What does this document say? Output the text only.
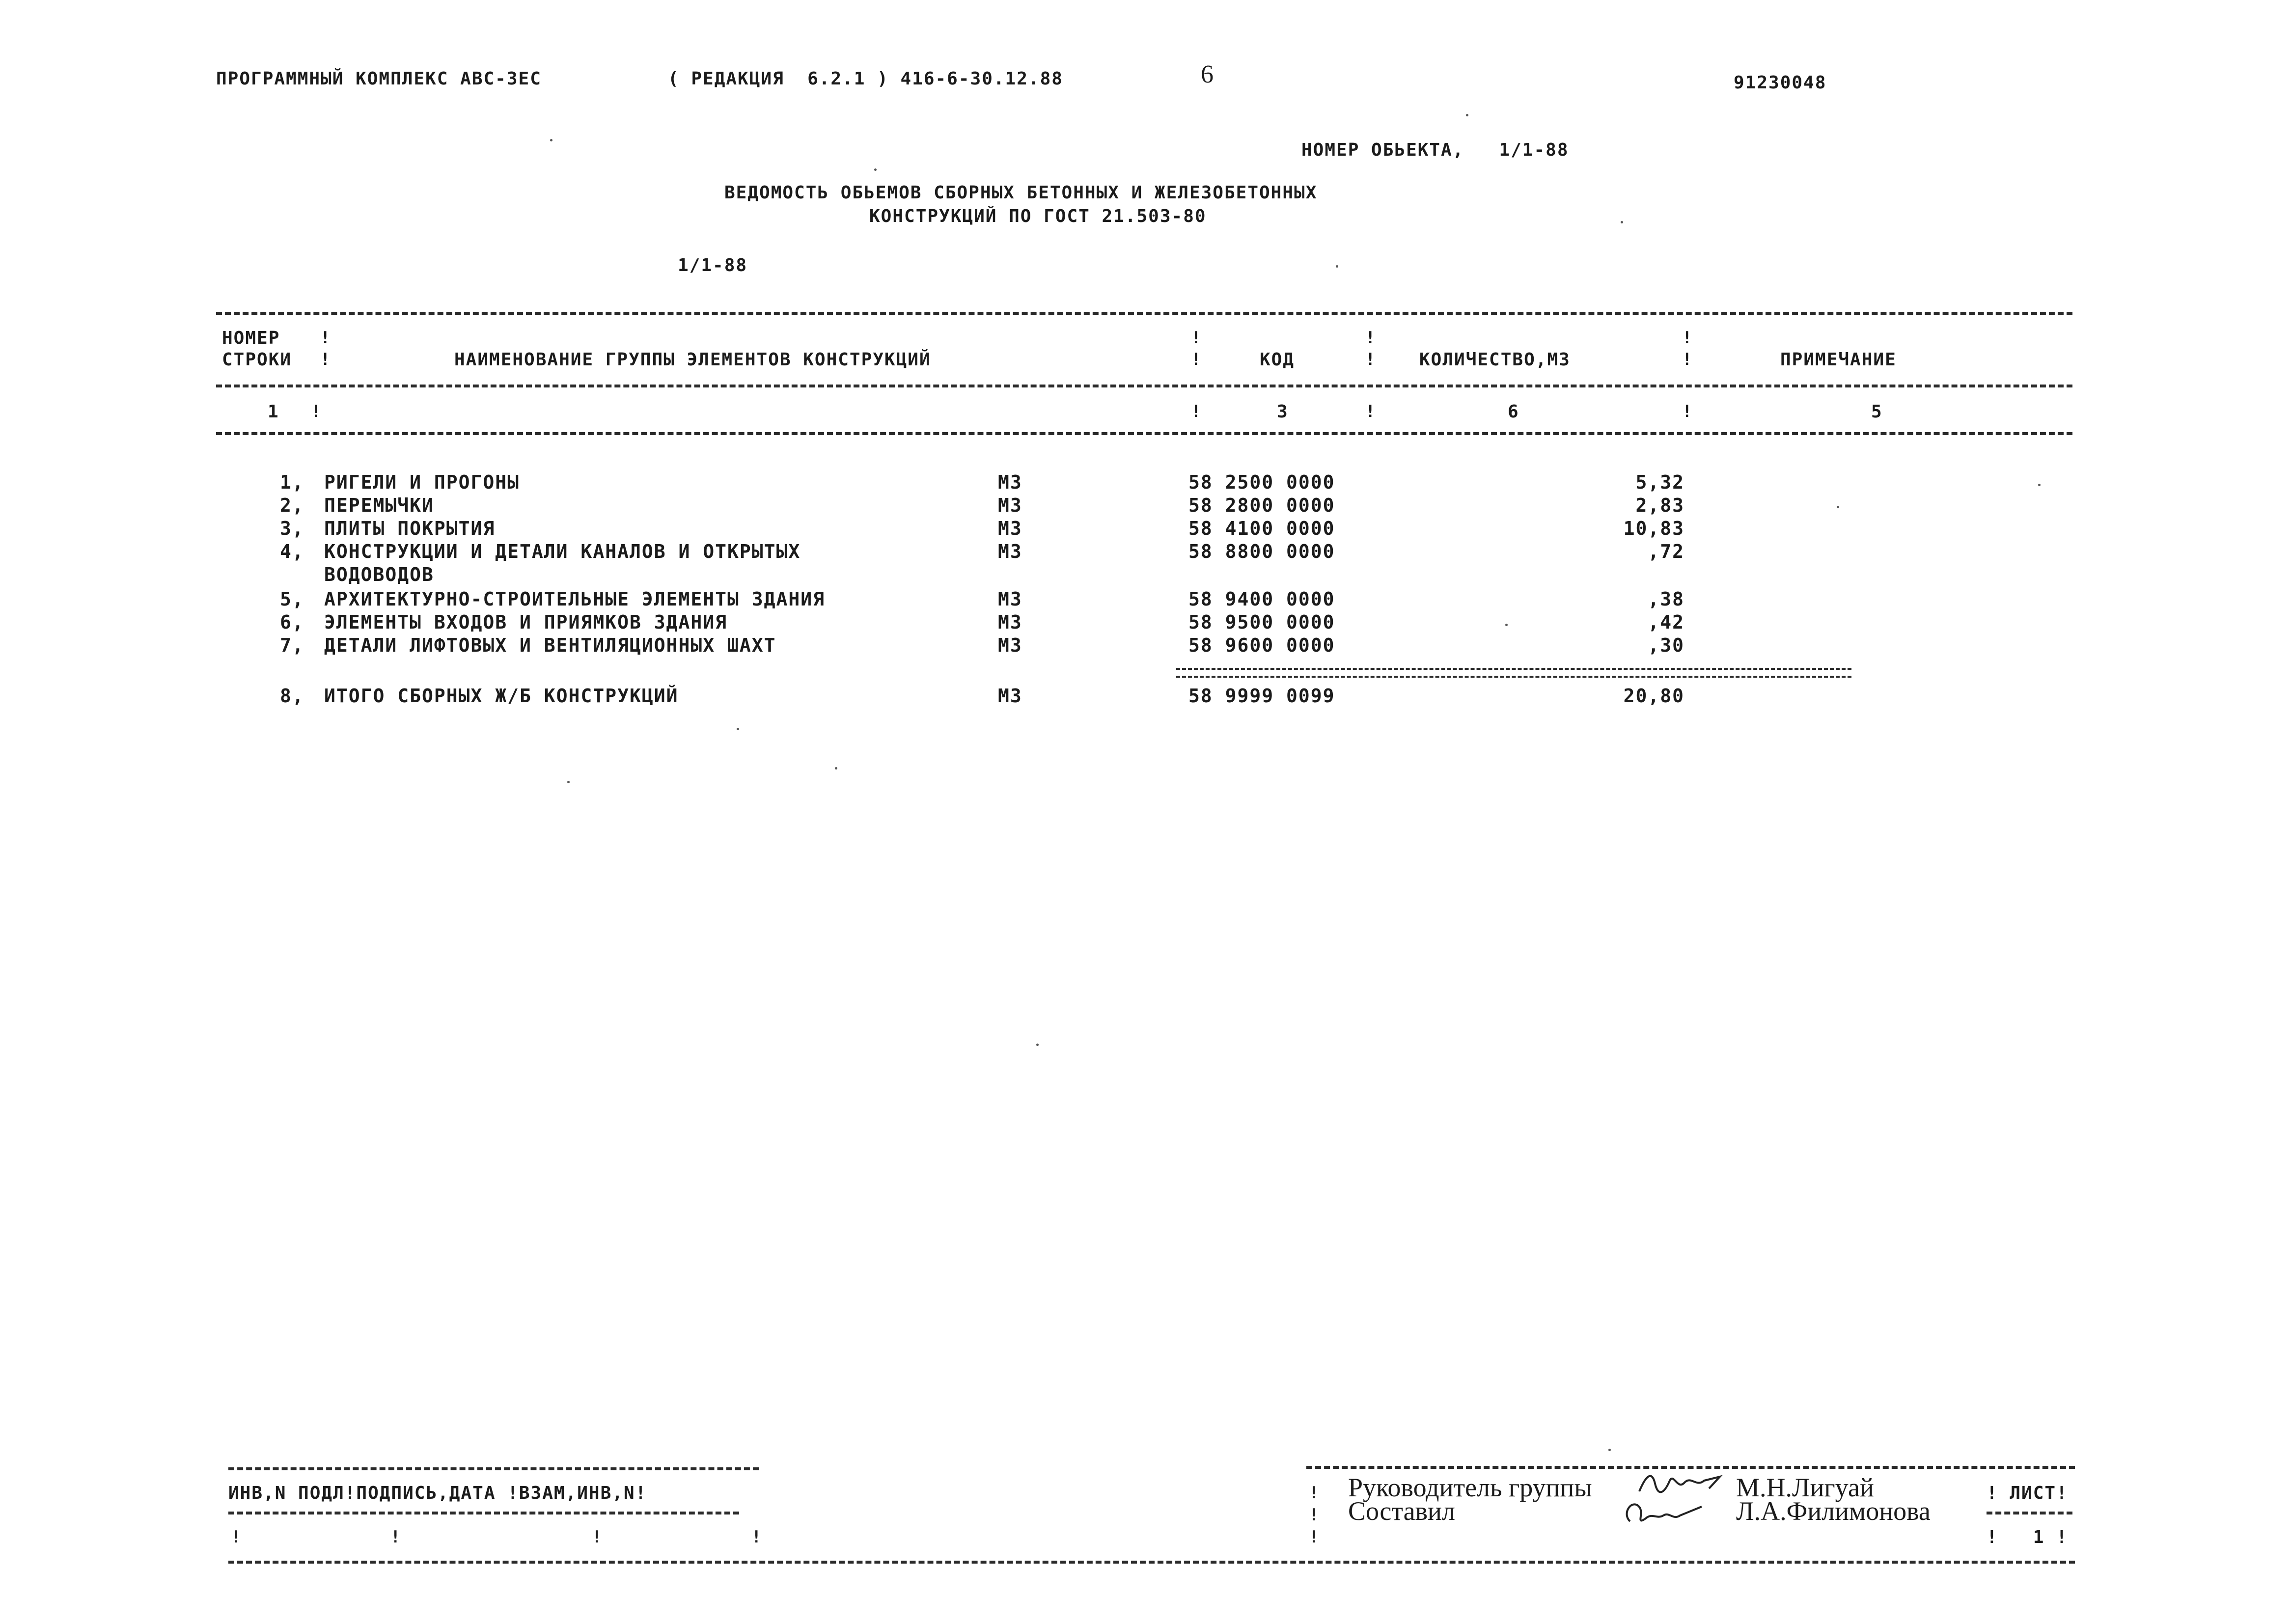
ПРОГРАММНЫЙ КОМПЛЕКС АВС-3ЕС	( РЕДАКЦИЯ  6.2.1 ) 416-6-30.12.88	6	91230048
НОМЕР ОБЬЕКТА,   1/1-88
ВЕДОМОСТЬ ОБЬЕМОВ СБОРНЫХ БЕТОННЫХ И ЖЕЛЕЗОБЕТОННЫХ
КОНСТРУКЦИЙ ПО ГОСТ 21.503-80
1/1-88
НОМЕР
СТРОКИ	НАИМЕНОВАНИЕ ГРУППЫ ЭЛЕМЕНТОВ КОНСТРУКЦИЙ	КОД	КОЛИЧЕСТВО,М3	ПРИМЕЧАНИЕ
!
!
!
!
!
!
!
!
1 !	!	3	!	6	!	5
1, РИГЕЛИ И ПРОГОНЫ	М3	58 2500 0000	5,32
2, ПЕРЕМЫЧКИ	М3	58 2800 0000	2,83
3, ПЛИТЫ ПОКРЫТИЯ	М3	58 4100 0000	10,83
4, КОНСТРУКЦИИ И ДЕТАЛИ КАНАЛОВ И ОТКРЫТЫХ
ВОДОВОДОВ
М3	58 8800 0000	,72
5, АРХИТЕКТУРНО-СТРОИТЕЛЬНЫЕ ЭЛЕМЕНТЫ ЗДАНИЯ	М3	58 9400 0000	,38
6, ЭЛЕМЕНТЫ ВХОДОВ И ПРИЯМКОВ ЗДАНИЯ	М3	58 9500 0000	,42
7, ДЕТАЛИ ЛИФТОВЫХ И ВЕНТИЛЯЦИОННЫХ ШАХТ	М3	58 9600 0000	,30
8, ИТОГО СБОРНЫХ Ж/Б КОНСТРУКЦИЙ	М3	58 9999 0099	20,80
ИНВ,N ПОДЛ!ПОДПИСЬ,ДАТА !ВЗАМ,ИНВ,N!
!	!	!	!
!
!
!
Руководитель группы
Составил
М.Н.Лигуай
Л.А.Филимонова
! ЛИСТ!
!   1 !
